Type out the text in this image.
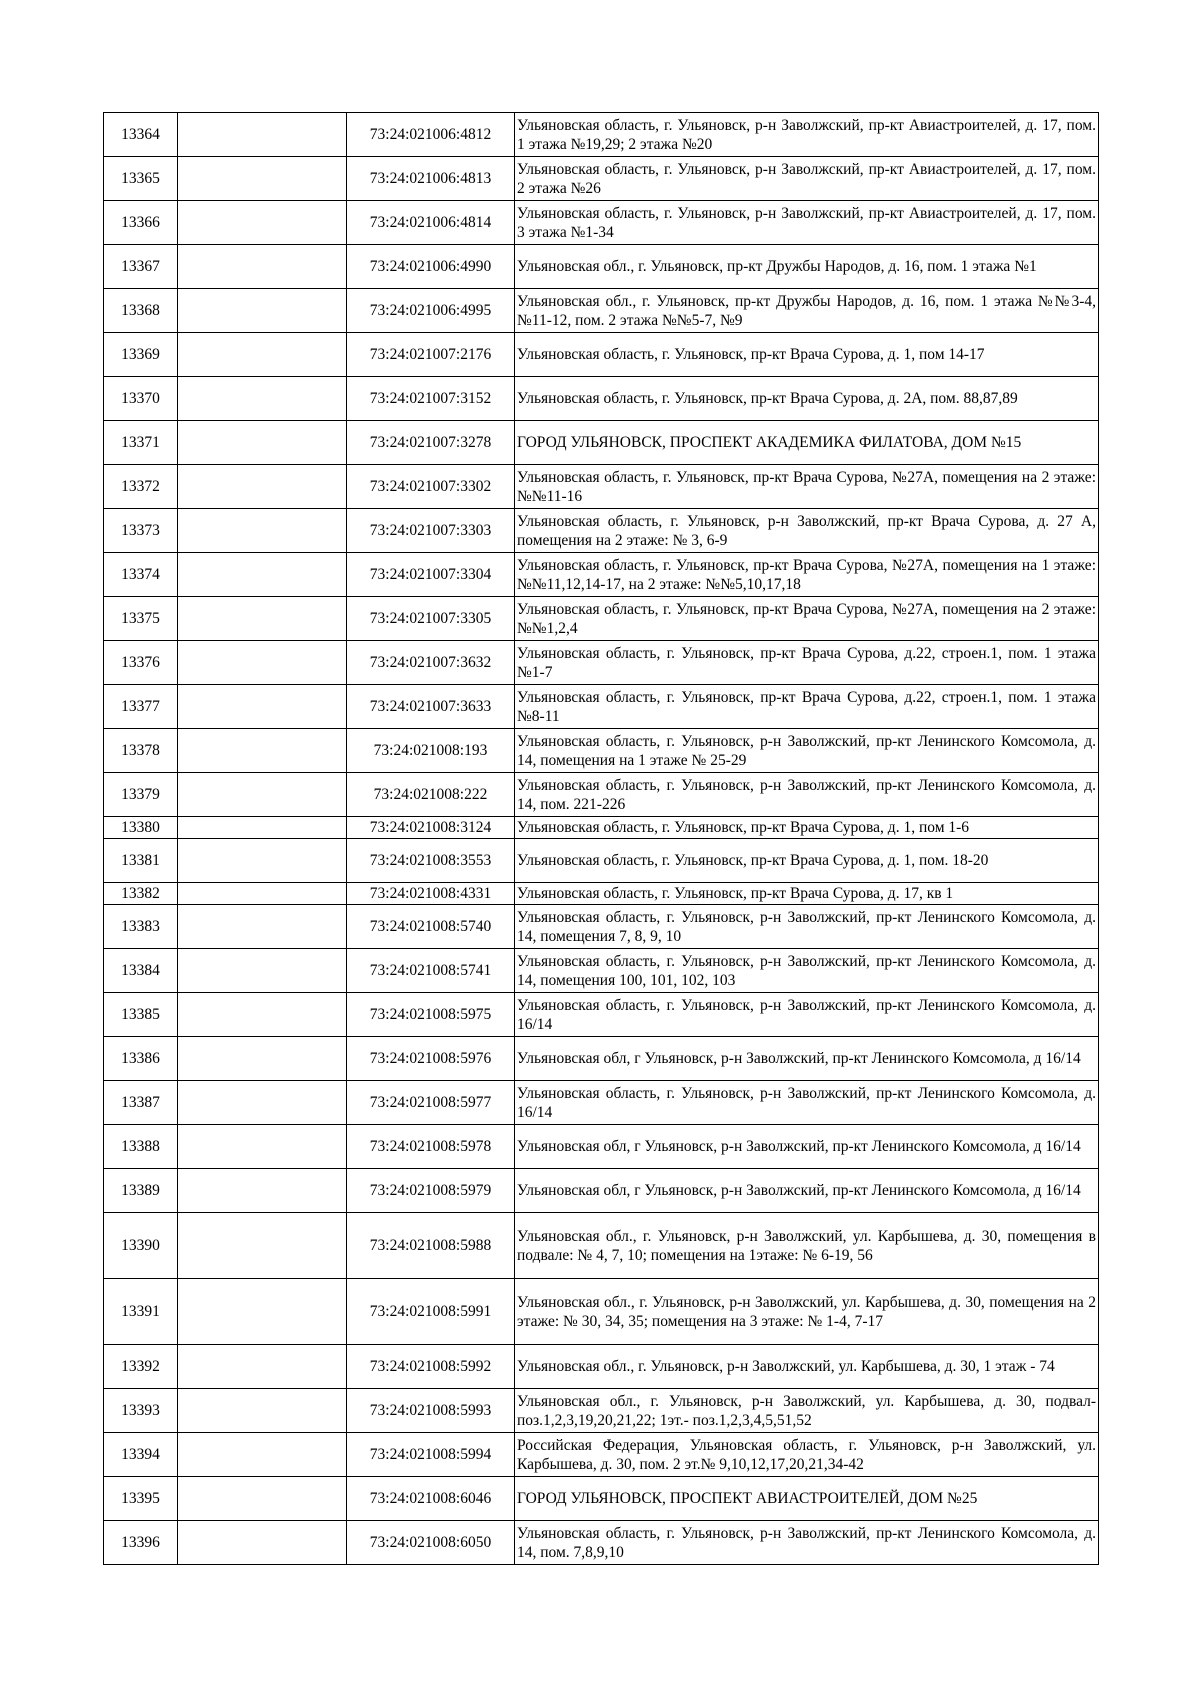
13364		73:24:021006:4812	Ульяновская область, г. Ульяновск, р-н Заволжский, пр-кт Авиастроителей, д. 17, пом. 1 этажа №19,29; 2 этажа №20
13365		73:24:021006:4813	Ульяновская область, г. Ульяновск, р-н Заволжский, пр-кт Авиастроителей, д. 17, пом. 2 этажа №26
13366		73:24:021006:4814	Ульяновская область, г. Ульяновск, р-н Заволжский, пр-кт Авиастроителей, д. 17, пом. 3 этажа №1-34
13367		73:24:021006:4990	Ульяновская обл., г. Ульяновск, пр-кт Дружбы Народов, д. 16, пом. 1 этажа №1
13368		73:24:021006:4995	Ульяновская обл., г. Ульяновск, пр-кт Дружбы Народов, д. 16, пом. 1 этажа №№3-4, №11-12, пом. 2 этажа №№5-7, №9
13369		73:24:021007:2176	Ульяновская область, г. Ульяновск, пр-кт Врача Сурова, д. 1, пом 14-17
13370		73:24:021007:3152	Ульяновская область, г. Ульяновск, пр-кт Врача Сурова, д. 2А, пом. 88,87,89
13371		73:24:021007:3278	ГОРОД УЛЬЯНОВСК, ПРОСПЕКТ АКАДЕМИКА ФИЛАТОВА, ДОМ №15
13372		73:24:021007:3302	Ульяновская область, г. Ульяновск, пр-кт Врача Сурова, №27А, помещения на 2 этаже: №№11-16
13373		73:24:021007:3303	Ульяновская область, г. Ульяновск, р-н Заволжский, пр-кт Врача Сурова, д. 27 А, помещения на 2 этаже: № 3, 6-9
13374		73:24:021007:3304	Ульяновская область, г. Ульяновск, пр-кт Врача Сурова, №27А, помещения на 1 этаже: №№11,12,14-17, на 2 этаже: №№5,10,17,18
13375		73:24:021007:3305	Ульяновская область, г. Ульяновск, пр-кт Врача Сурова, №27А, помещения на 2 этаже: №№1,2,4
13376		73:24:021007:3632	Ульяновская область, г. Ульяновск, пр-кт Врача Сурова, д.22, строен.1, пом. 1 этажа №1-7
13377		73:24:021007:3633	Ульяновская область, г. Ульяновск, пр-кт Врача Сурова, д.22, строен.1, пом. 1 этажа №8-11
13378		73:24:021008:193	Ульяновская область, г. Ульяновск, р-н Заволжский, пр-кт Ленинского Комсомола, д. 14, помещения на 1 этаже № 25-29
13379		73:24:021008:222	Ульяновская область, г. Ульяновск, р-н Заволжский, пр-кт Ленинского Комсомола, д. 14, пом. 221-226
13380		73:24:021008:3124	Ульяновская область, г. Ульяновск, пр-кт Врача Сурова, д. 1, пом 1-6
13381		73:24:021008:3553	Ульяновская область, г. Ульяновск, пр-кт Врача Сурова, д. 1, пом. 18-20
13382		73:24:021008:4331	Ульяновская область, г. Ульяновск, пр-кт Врача Сурова, д. 17, кв 1
13383		73:24:021008:5740	Ульяновская область, г. Ульяновск, р-н Заволжский, пр-кт Ленинского Комсомола, д. 14, помещения 7, 8, 9, 10
13384		73:24:021008:5741	Ульяновская область, г. Ульяновск, р-н Заволжский, пр-кт Ленинского Комсомола, д. 14, помещения 100, 101, 102, 103
13385		73:24:021008:5975	Ульяновская область, г. Ульяновск, р-н Заволжский, пр-кт Ленинского Комсомола, д. 16/14
13386		73:24:021008:5976	Ульяновская обл, г Ульяновск, р-н Заволжский, пр-кт Ленинского Комсомола, д 16/14
13387		73:24:021008:5977	Ульяновская область, г. Ульяновск, р-н Заволжский, пр-кт Ленинского Комсомола, д. 16/14
13388		73:24:021008:5978	Ульяновская обл, г Ульяновск, р-н Заволжский, пр-кт Ленинского Комсомола, д 16/14
13389		73:24:021008:5979	Ульяновская обл, г Ульяновск, р-н Заволжский, пр-кт Ленинского Комсомола, д 16/14
13390		73:24:021008:5988	Ульяновская обл., г. Ульяновск, р-н Заволжский, ул. Карбышева, д. 30, помещения в подвале: № 4, 7, 10; помещения на 1этаже: № 6-19, 56
13391		73:24:021008:5991	Ульяновская обл., г. Ульяновск, р-н Заволжский, ул. Карбышева, д. 30, помещения на 2 этаже: № 30, 34, 35; помещения на 3 этаже: № 1-4, 7-17
13392		73:24:021008:5992	Ульяновская обл., г. Ульяновск, р-н Заволжский, ул. Карбышева, д. 30, 1 этаж - 74
13393		73:24:021008:5993	Ульяновская обл., г. Ульяновск, р-н Заволжский, ул. Карбышева, д. 30, подвал- поз.1,2,3,19,20,21,22; 1эт.- поз.1,2,3,4,5,51,52
13394		73:24:021008:5994	Российская Федерация, Ульяновская область, г. Ульяновск, р-н Заволжский, ул. Карбышева, д. 30, пом. 2 эт.№ 9,10,12,17,20,21,34-42
13395		73:24:021008:6046	ГОРОД УЛЬЯНОВСК, ПРОСПЕКТ АВИАСТРОИТЕЛЕЙ, ДОМ №25
13396		73:24:021008:6050	Ульяновская область, г. Ульяновск, р-н Заволжский, пр-кт Ленинского Комсомола, д. 14, пом. 7,8,9,10
